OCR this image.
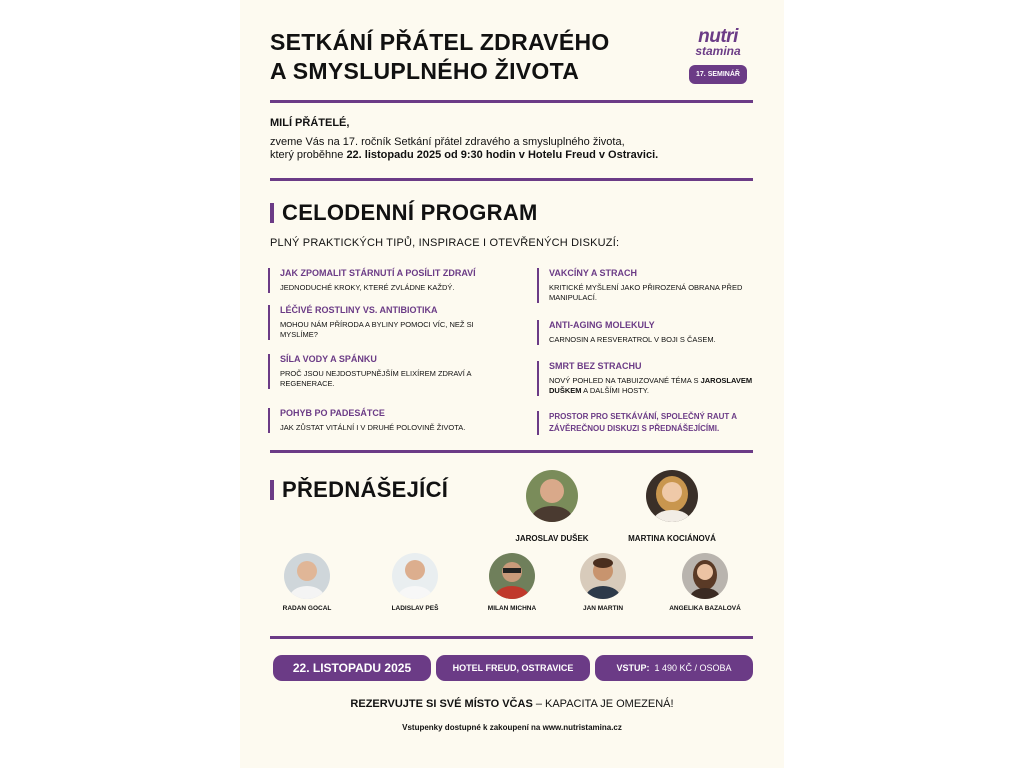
SETKÁNÍ PŘÁTEL ZDRAVÉHO
A SMYSLUPLNÉHO ŽIVOTA
nutri
stamina
17. SEMINÁŘ
MILÍ PŘÁTELÉ,
zveme Vás na 17. ročník Setkání přátel zdravého a smysluplného života,
který proběhne 22. listopadu 2025 od 9:30 hodin v Hotelu Freud v Ostravici.
CELODENNÍ PROGRAM
PLNÝ PRAKTICKÝCH TIPŮ, INSPIRACE I OTEVŘENÝCH DISKUZÍ:
JAK ZPOMALIT STÁRNUTÍ A POSÍLIT ZDRAVÍ
JEDNODUCHÉ KROKY, KTERÉ ZVLÁDNE KAŽDÝ.
LÉČIVÉ ROSTLINY VS. ANTIBIOTIKA
MOHOU NÁM PŘÍRODA A BYLINY POMOCI VÍC, NEŽ SI MYSLÍME?
SÍLA VODY A SPÁNKU
PROČ JSOU NEJDOSTUPNĚJŠÍM ELIXÍREM ZDRAVÍ A REGENERACE.
POHYB PO PADESÁTCE
JAK ZŮSTAT VITÁLNÍ I V DRUHÉ POLOVINĚ ŽIVOTA.
VAKCÍNY A STRACH
KRITICKÉ MYŠLENÍ JAKO PŘIROZENÁ OBRANA PŘED MANIPULACÍ.
ANTI-AGING MOLEKULY
CARNOSIN A RESVERATROL V BOJI S ČASEM.
SMRT BEZ STRACHU
NOVÝ POHLED NA TABUIZOVANÉ TÉMA S JAROSLAVEM DUŠKEM A DALŠÍMI HOSTY.
PROSTOR PRO SETKÁVÁNÍ, SPOLEČNÝ RAUT A ZÁVĚREČNOU DISKUZI S PŘEDNÁŠEJÍCÍMI.
PŘEDNÁŠEJÍCÍ
JAROSLAV DUŠEK	MARTINA KOCIÁNOVÁ
RADAN GOCAL	LADISLAV PEŠ	MILAN MICHNA	JAN MARTIN	ANGELIKA BAZALOVÁ
22. LISTOPADU 2025	HOTEL FREUD, OSTRAVICE	VSTUP: 1 490 KČ / OSOBA
REZERVUJTE SI SVÉ MÍSTO VČAS – KAPACITA JE OMEZENÁ!
Vstupenky dostupné k zakoupení na www.nutristamina.cz
